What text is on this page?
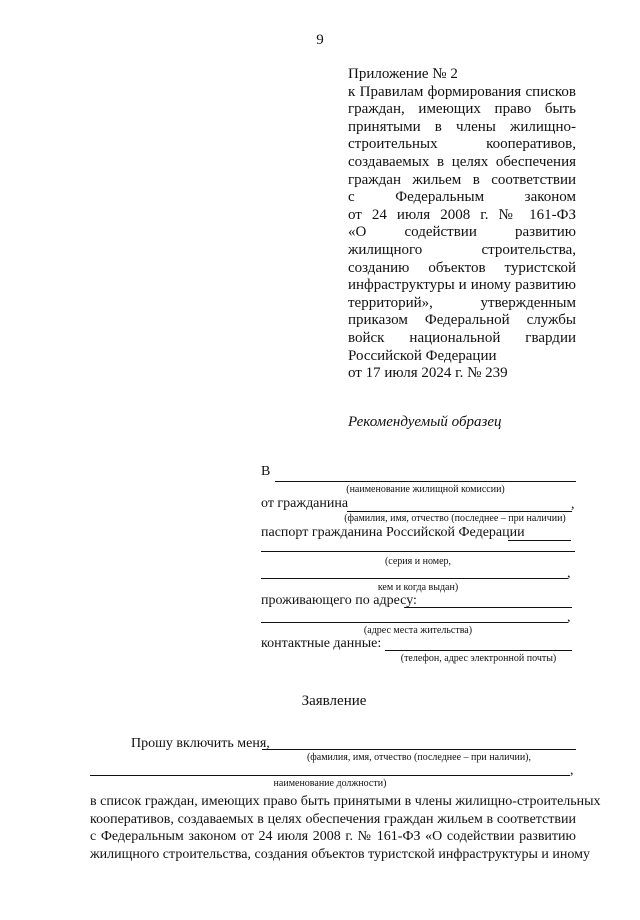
9
Приложение № 2
к Правилам формирования списков
граждан, имеющих право быть
принятыми в члены жилищно-
строительных кооперативов,
создаваемых в целях обеспечения
граждан жильем в соответствии
с Федеральным законом
от 24 июля 2008 г. № 161-ФЗ
«О содействии развитию
жилищного строительства,
созданию объектов туристской
инфраструктуры и иному развитию
территорий», утвержденным
приказом Федеральной службы
войск национальной гвардии
Российской Федерации
от 17 июля 2024 г. № 239
Рекомендуемый образец
В
(наименование жилищной комиссии)
от гражданина	,
(фамилия, имя, отчество (последнее – при наличии)
паспорт гражданина Российской Федерации
(серия и номер,
,
кем и когда выдан)
проживающего по адресу:
,
(адрес места жительства)
контактные данные:
(телефон, адрес электронной почты)
Заявление
Прошу включить меня,
(фамилия, имя, отчество (последнее – при наличии),
,
наименование должности)
в список граждан, имеющих право быть принятыми в члены жилищно-строительных
кооперативов, создаваемых в целях обеспечения граждан жильем в соответствии
с Федеральным законом от 24 июля 2008 г. № 161-ФЗ «О содействии развитию
жилищного строительства, создания объектов туристской инфраструктуры и иному
